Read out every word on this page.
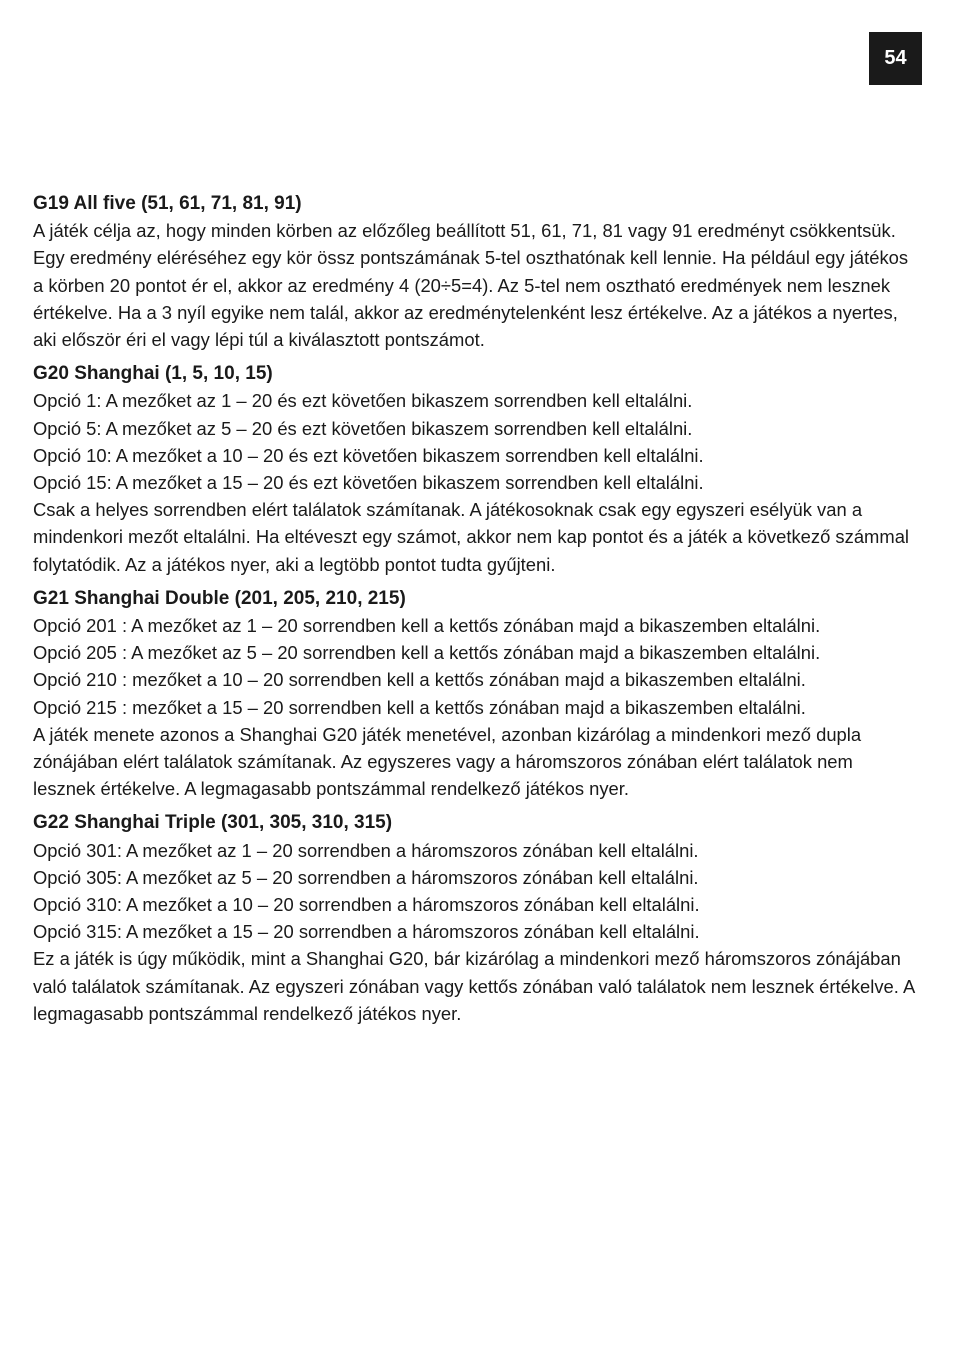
54
G19 All five (51, 61, 71, 81, 91)

A játék célja az, hogy minden körben az előzőleg beállított 51, 61, 71, 81 vagy 91 eredményt csökkentsük. Egy eredmény eléréséhez egy kör össz pontszámának 5-tel oszthatónak kell lennie. Ha például egy játékos a körben 20 pontot ér el, akkor az eredmény 4 (20÷5=4). Az 5-tel nem osztható eredmények nem lesznek értékelve. Ha a 3 nyíl egyike nem talál, akkor az eredménytelenként lesz értékelve. Az a játékos a nyertes, aki először éri el vagy lépi túl a kiválasztott pontszámot.

G20 Shanghai (1, 5, 10, 15)

Opció 1: A mezőket az 1 – 20 és ezt követően bikaszem sorrendben kell eltalálni.

Opció 5: A mezőket az 5 – 20 és ezt követően bikaszem sorrendben kell eltalálni.

Opció 10: A mezőket a 10 – 20 és ezt követően bikaszem sorrendben kell eltalálni.

Opció 15: A mezőket a 15 – 20 és ezt követően bikaszem sorrendben kell eltalálni.

Csak a helyes sorrendben elért találatok számítanak. A játékosoknak csak egy egyszeri esélyük van a mindenkori mezőt eltalálni. Ha eltéveszt egy számot, akkor nem kap pontot és a játék a következő számmal folytatódik. Az a játékos nyer, aki a legtöbb pontot tudta gyűjteni.

G21 Shanghai Double (201, 205, 210, 215)

Opció 201 : A mezőket az 1 – 20 sorrendben kell a kettős zónában majd a bikaszemben eltalálni.

Opció 205 : A mezőket az 5 – 20 sorrendben kell a kettős zónában majd a bikaszemben eltalálni.

Opció 210 : mezőket a 10 – 20 sorrendben kell a kettős zónában majd a bikaszemben eltalálni.

Opció 215 : mezőket a 15 – 20 sorrendben kell a kettős zónában majd a bikaszemben eltalálni.

A játék menete azonos a Shanghai G20 játék menetével, azonban kizárólag a mindenkori mező dupla zónájában elért találatok számítanak. Az egyszeres vagy a háromszoros zónában elért találatok nem lesznek értékelve. A legmagasabb pontszámmal rendelkező játékos nyer.

G22 Shanghai Triple (301, 305, 310, 315)

Opció 301: A mezőket az 1 – 20 sorrendben a háromszoros zónában kell eltalálni.

Opció 305: A mezőket az 5 – 20 sorrendben a háromszoros zónában kell eltalálni.

Opció 310: A mezőket a 10 – 20 sorrendben a háromszoros zónában kell eltalálni.

Opció 315: A mezőket a 15 – 20 sorrendben a háromszoros zónában kell eltalálni.

Ez a játék is úgy működik, mint a Shanghai G20, bár kizárólag a mindenkori mező háromszoros zónájában való találatok számítanak. Az egyszeri zónában vagy kettős zónában való találatok nem lesznek értékelve. A legmagasabb pontszámmal rendelkező játékos nyer.
